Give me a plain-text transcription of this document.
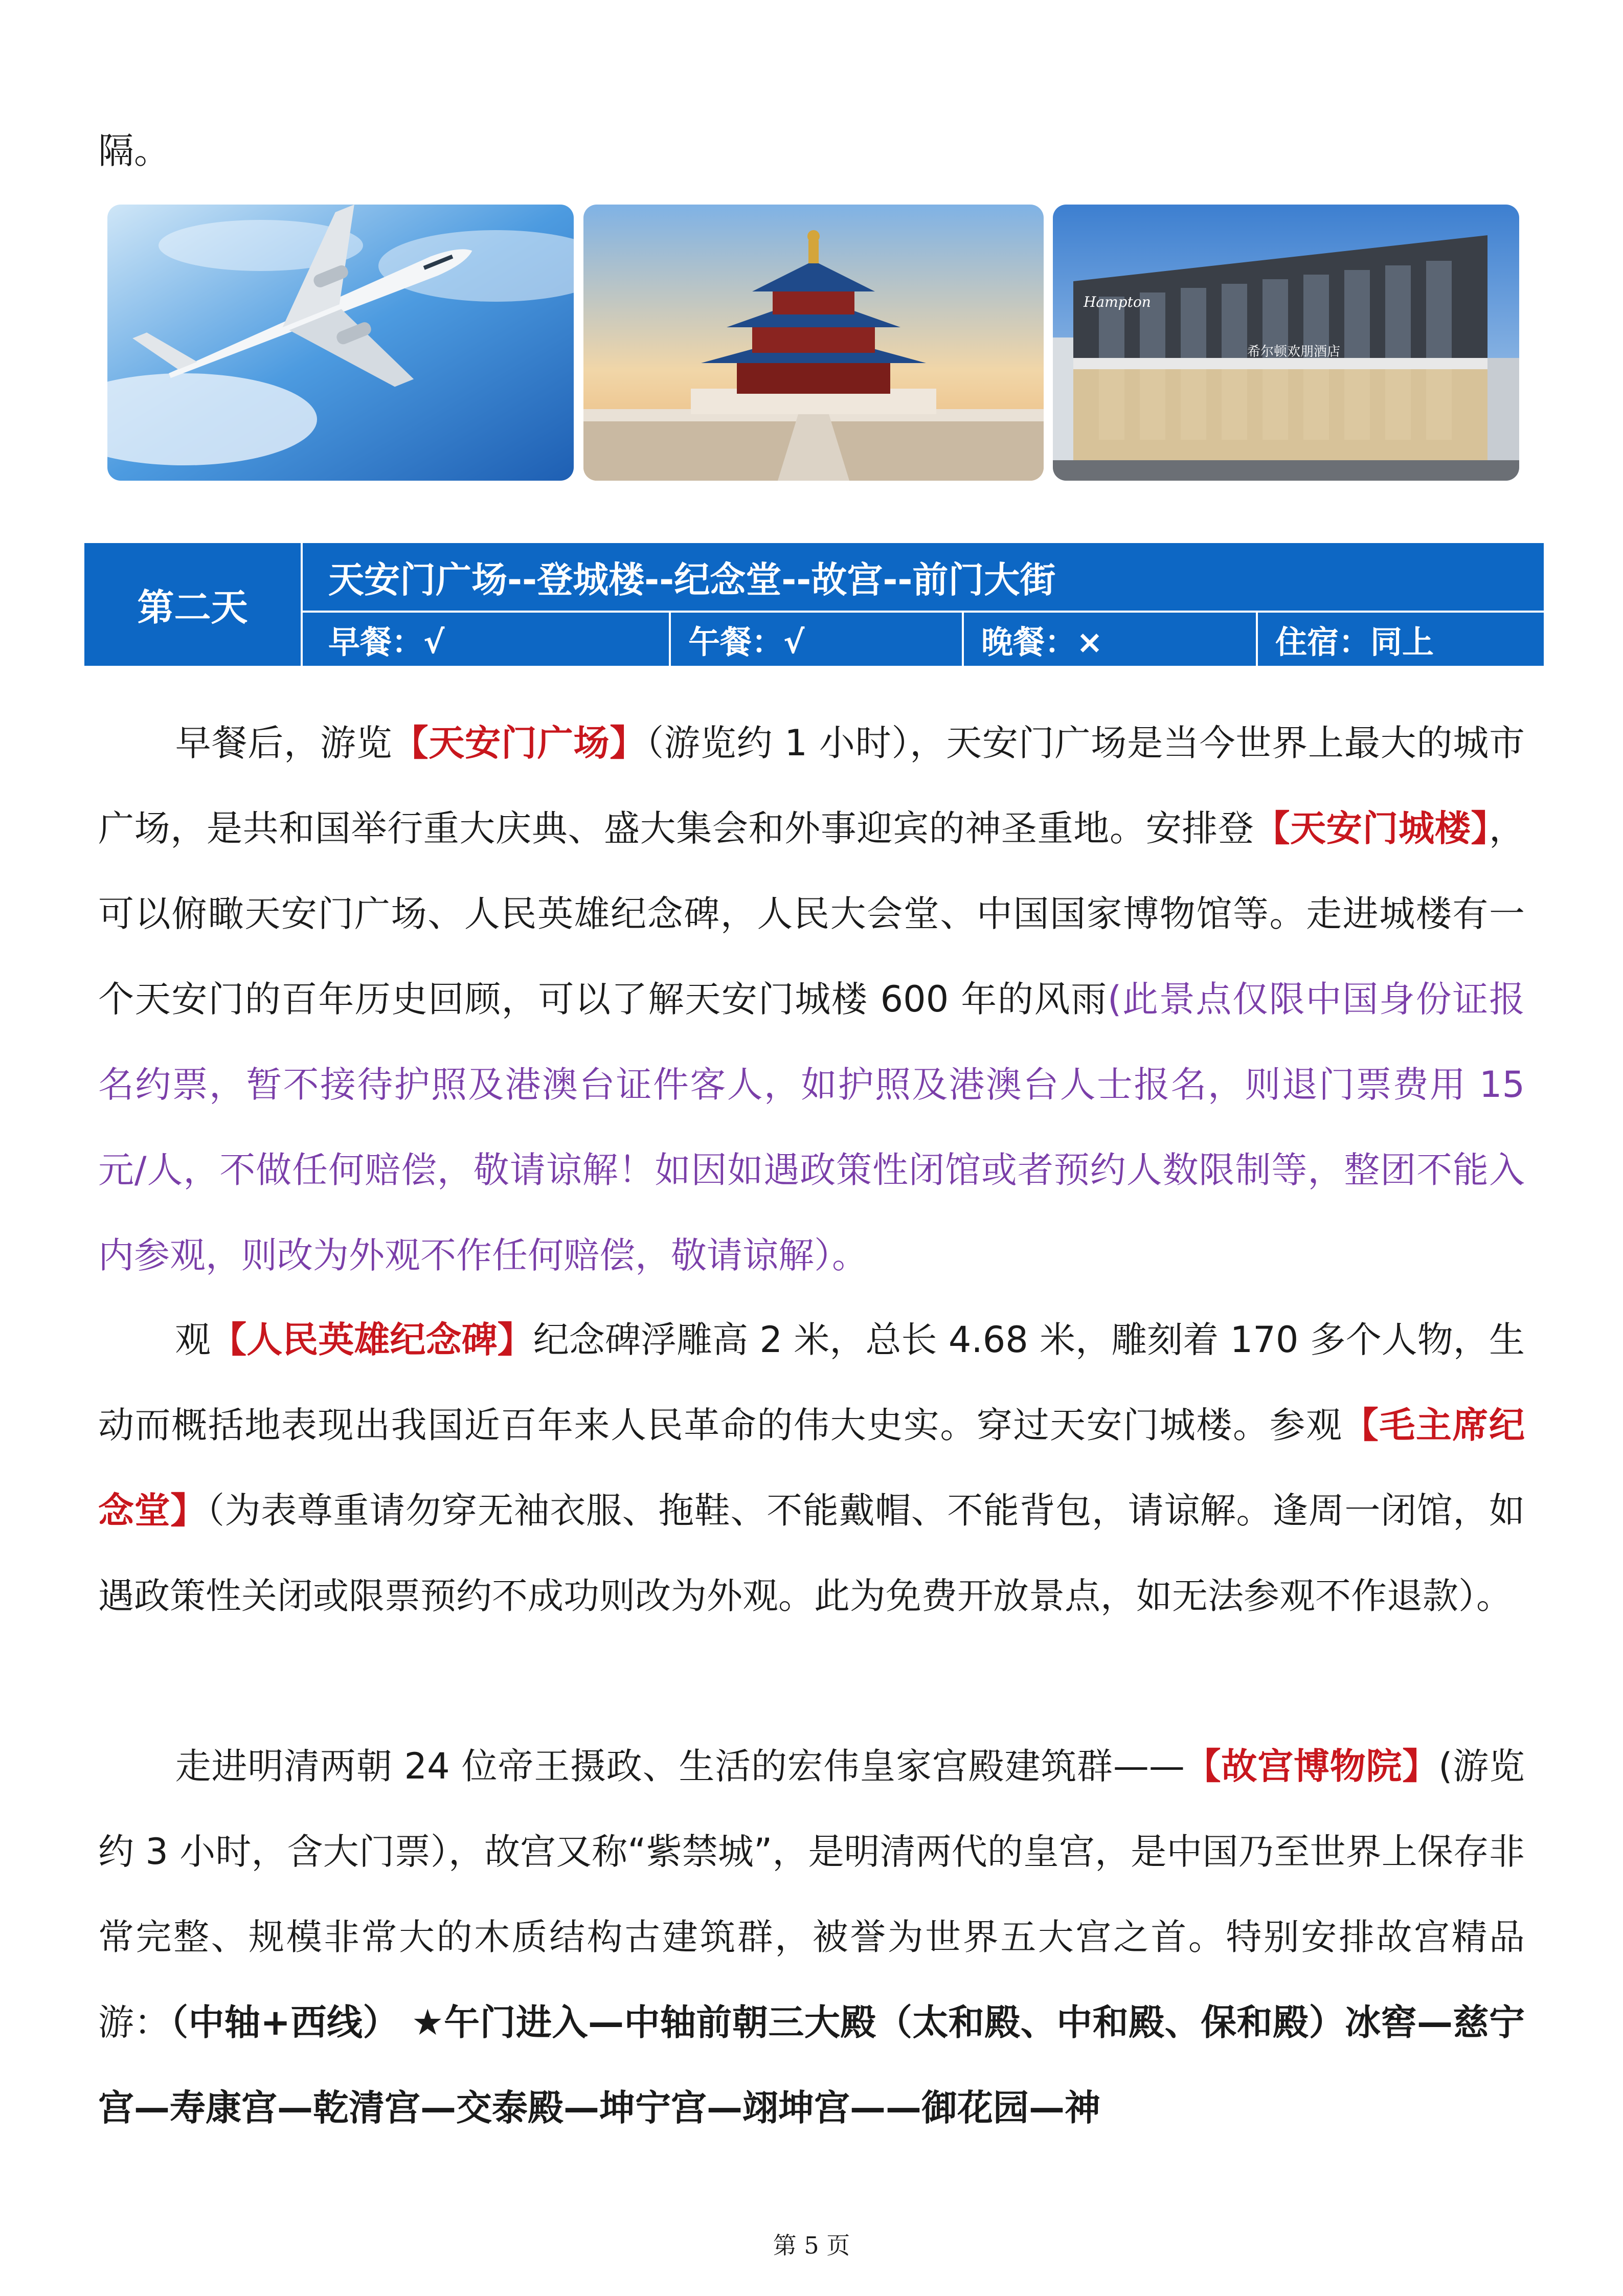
隔。
Hampton
希尔顿欢朋酒店
第二天
天安门广场--登城楼--纪念堂--故宫--前门大街
早餐：√	午餐：√	晚餐：×	住宿：同上

早餐后，游览【天安门广场】（游览约 1 小时），天安门广场是当今世界上最大的城市广场，是共和国举行重大庆典、盛大集会和外事迎宾的神圣重地。安排登【天安门城楼】，可以俯瞰天安门广场、人民英雄纪念碑，人民大会堂、中国国家博物馆等。走进城楼有一个天安门的百年历史回顾，可以了解天安门城楼 600 年的风雨(此景点仅限中国身份证报名约票，暂不接待护照及港澳台证件客人，如护照及港澳台人士报名，则退门票费用 15 元/人，不做任何赔偿，敬请谅解！如因如遇政策性闭馆或者预约人数限制等，整团不能入内参观，则改为外观不作任何赔偿，敬请谅解）。

观【人民英雄纪念碑】纪念碑浮雕高 2 米，总长 4.68 米，雕刻着 170 多个人物，生动而概括地表现出我国近百年来人民革命的伟大史实。穿过天安门城楼。参观【毛主席纪念堂】（为表尊重请勿穿无袖衣服、拖鞋、不能戴帽、不能背包，请谅解。逢周一闭馆，如遇政策性关闭或限票预约不成功则改为外观。此为免费开放景点，如无法参观不作退款）。

走进明清两朝 24 位帝王摄政、生活的宏伟皇家宫殿建筑群——【故宫博物院】(游览约 3 小时，含大门票），故宫又称“紫禁城”，是明清两代的皇宫，是中国乃至世界上保存非常完整、规模非常大的木质结构古建筑群，被誉为世界五大宫之首。特别安排故宫精品游：（中轴+西线） ★午门进入—中轴前朝三大殿（太和殿、中和殿、保和殿）冰窖—慈宁宫—寿康宫—乾清宫—交泰殿—坤宁宫—翊坤宫——御花园—神

第 5 页
